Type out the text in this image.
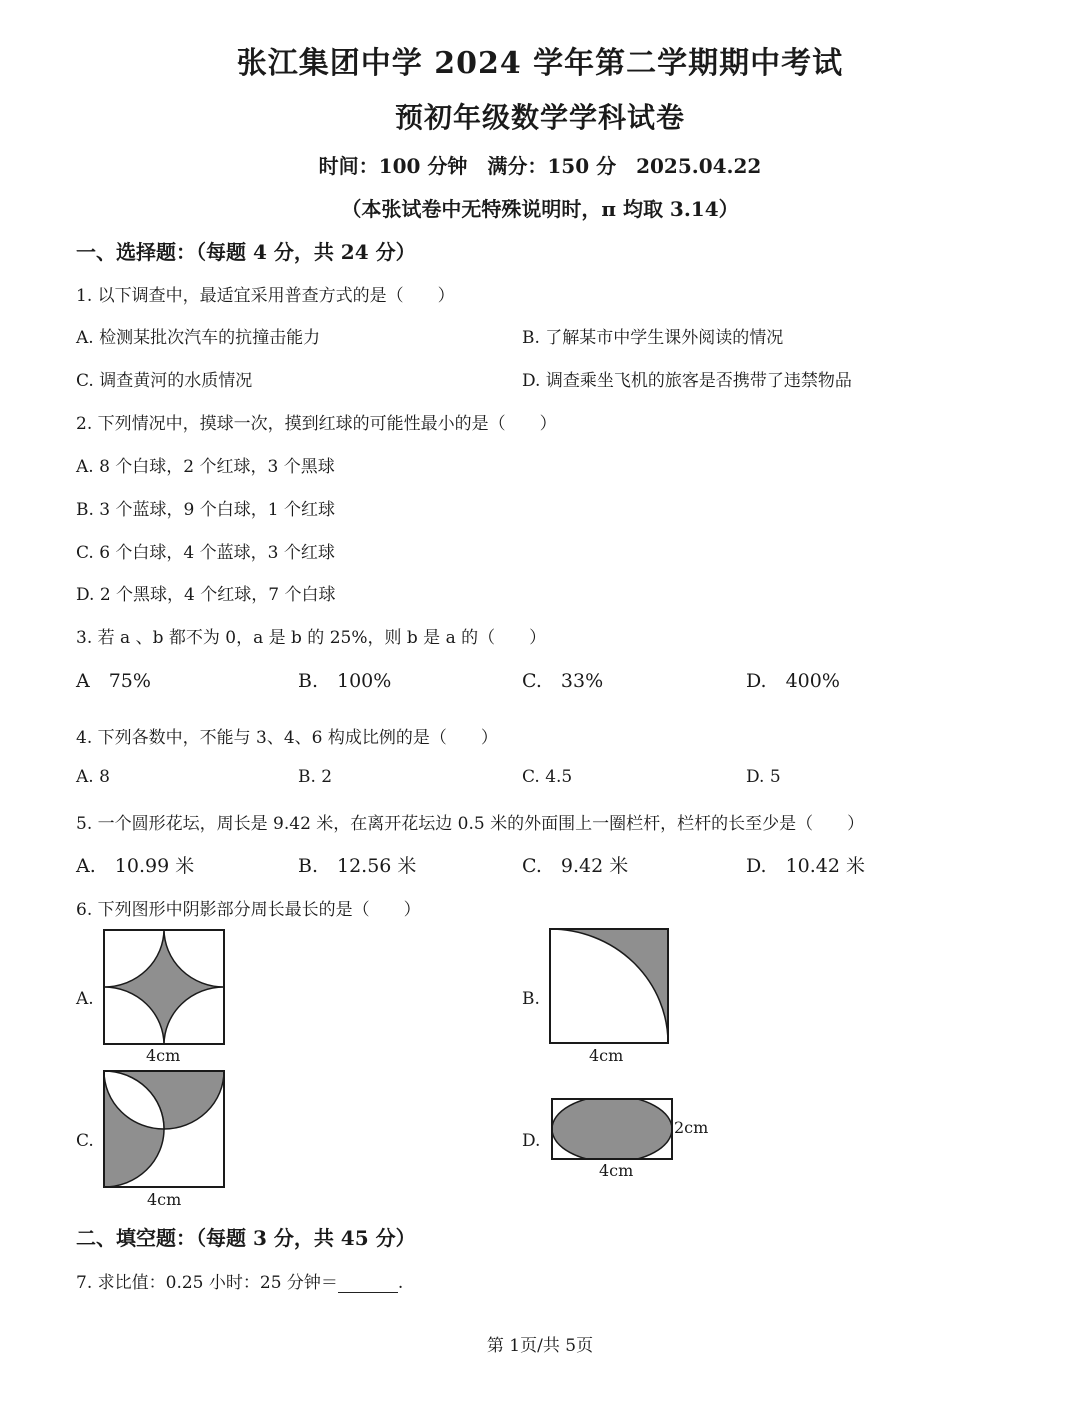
张江集团中学 2024 学年第二学期期中考试
预初年级数学学科试卷
时间：100 分钟　满分：150 分　2025.04.22
（本张试卷中无特殊说明时，π 均取 3.14）
一、选择题：（每题 4 分，共 24 分）
1. 以下调查中，最适宜采用普查方式的是（　　）
A. 检测某批次汽车的抗撞击能力	B. 了解某市中学生课外阅读的情况
C. 调查黄河的水质情况	D. 调查乘坐飞机的旅客是否携带了违禁物品
2. 下列情况中，摸球一次，摸到红球的可能性最小的是（　　）
A. 8 个白球，2 个红球，3 个黑球
B. 3 个蓝球，9 个白球，1 个红球
C. 6 个白球，4 个蓝球，3 个红球
D. 2 个黑球，4 个红球，7 个白球
3. 若 a 、b 都不为 0，a 是 b 的 25%，则 b 是 a 的（　　）
A　75%	B.　100%	C.　33%	D.　400%
4. 下列各数中，不能与 3、4、6 构成比例的是（　　）
A. 8	B. 2	C. 4.5	D. 5
5. 一个圆形花坛，周长是 9.42 米，在离开花坛边 0.5 米的外面围上一圈栏杆，栏杆的长至少是（　　）
A.　10.99 米	B.　12.56 米	C.　9.42 米	D.　10.42 米
6. 下列图形中阴影部分周长最长的是（　　）
A.
4cm
B.
4cm
C.
4cm
D.
2cm
4cm
二、填空题：（每题 3 分，共 45 分）
7. 求比值：0.25 小时：25 分钟＝	.
第 1页/共 5页
